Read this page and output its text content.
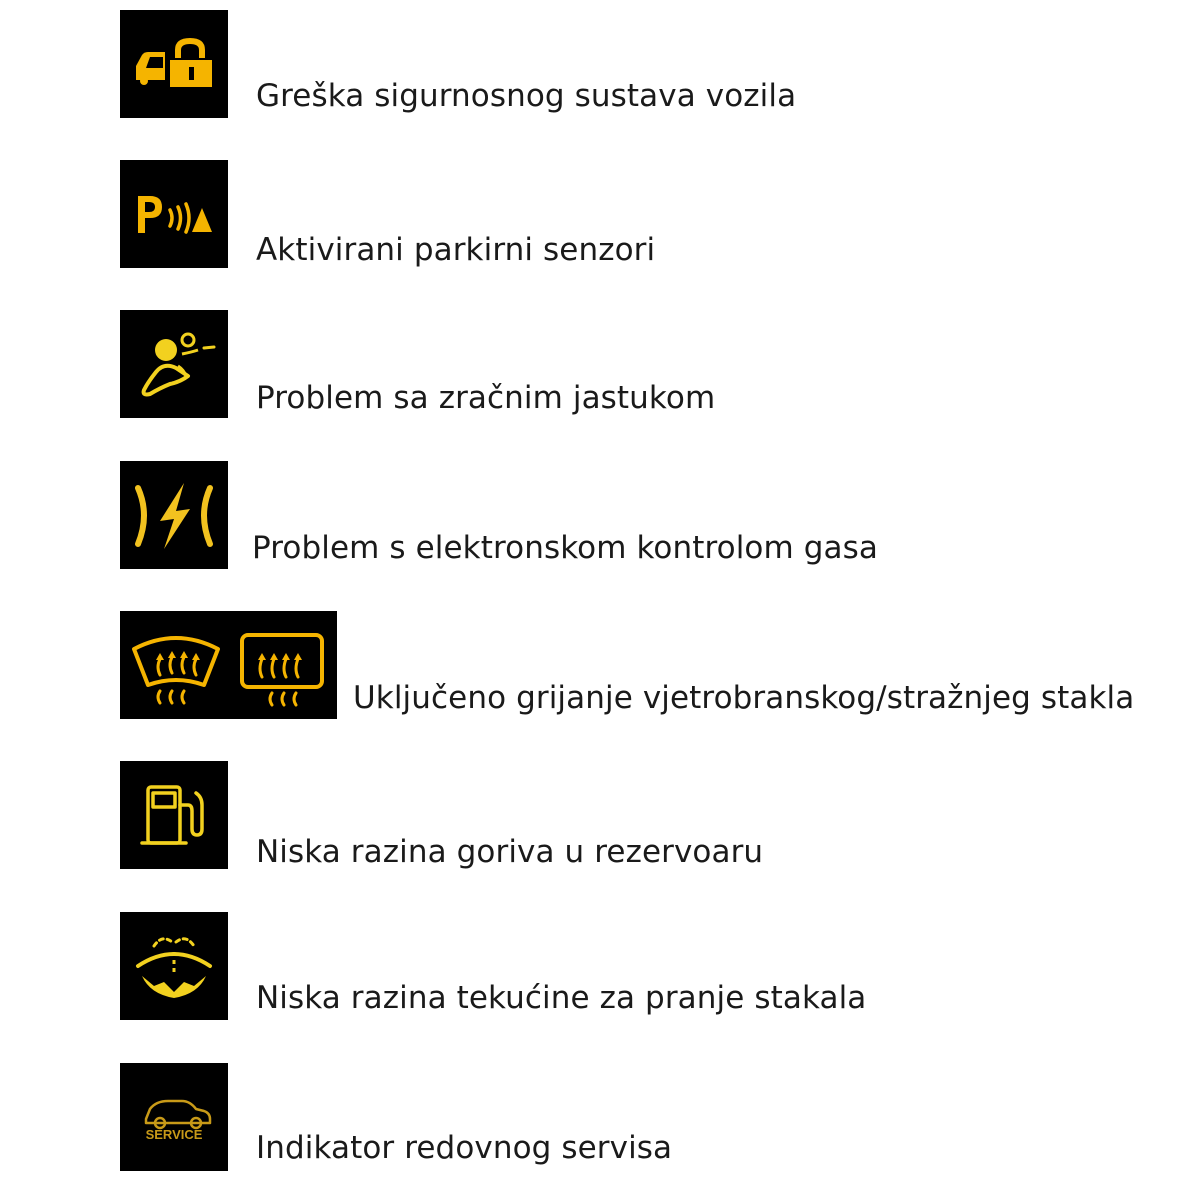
Greška sigurnosnog sustava vozila
Aktivirani parkirni senzori
Problem sa zračnim jastukom
Problem s elektronskom kontrolom gasa
Uključeno grijanje vjetrobranskog/stražnjeg stakla
Niska razina goriva u rezervoaru
Niska razina tekućine za pranje stakala
SERVICE Indikator redovnog servisa
